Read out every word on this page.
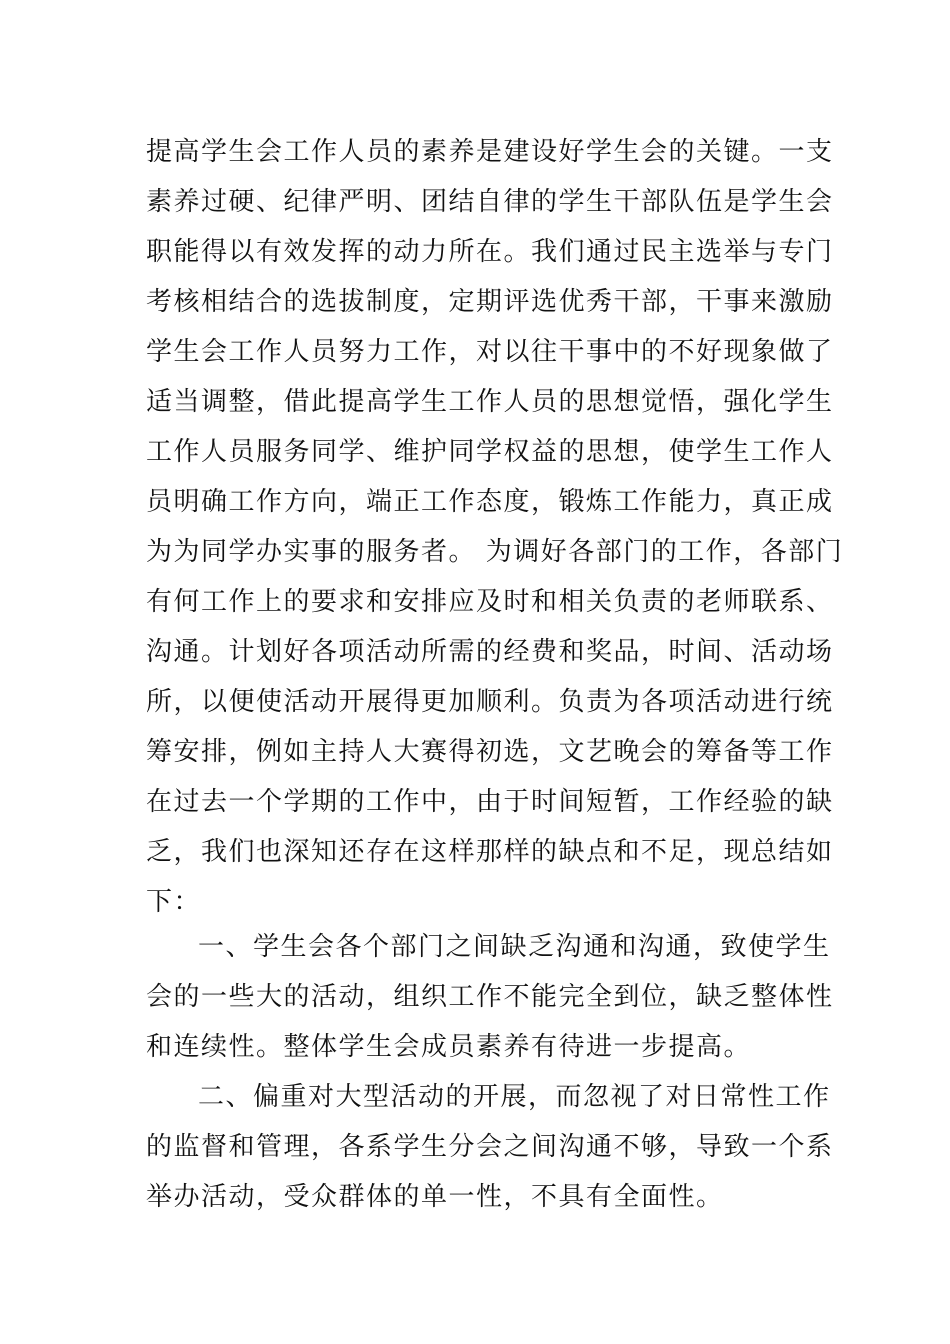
提高学生会工作人员的素养是建设好学生会的关键。一支
素养过硬、纪律严明、团结自律的学生干部队伍是学生会
职能得以有效发挥的动力所在。我们通过民主选举与专门
考核相结合的选拔制度，定期评选优秀干部，干事来激励
学生会工作人员努力工作，对以往干事中的不好现象做了
适当调整，借此提高学生工作人员的思想觉悟，强化学生
工作人员服务同学、维护同学权益的思想，使学生工作人
员明确工作方向，端正工作态度，锻炼工作能力，真正成
为为同学办实事的服务者。 为调好各部门的工作，各部门
有何工作上的要求和安排应及时和相关负责的老师联系、
沟通。计划好各项活动所需的经费和奖品，时间、活动场
所，以便使活动开展得更加顺利。负责为各项活动进行统
筹安排，例如主持人大赛得初选，文艺晚会的筹备等工作
在过去一个学期的工作中，由于时间短暂，工作经验的缺
乏，我们也深知还存在这样那样的缺点和不足，现总结如
下：
一、学生会各个部门之间缺乏沟通和沟通，致使学生
会的一些大的活动，组织工作不能完全到位，缺乏整体性
和连续性。整体学生会成员素养有待进一步提高。
二、偏重对大型活动的开展，而忽视了对日常性工作
的监督和管理，各系学生分会之间沟通不够，导致一个系
举办活动，受众群体的单一性，不具有全面性。
